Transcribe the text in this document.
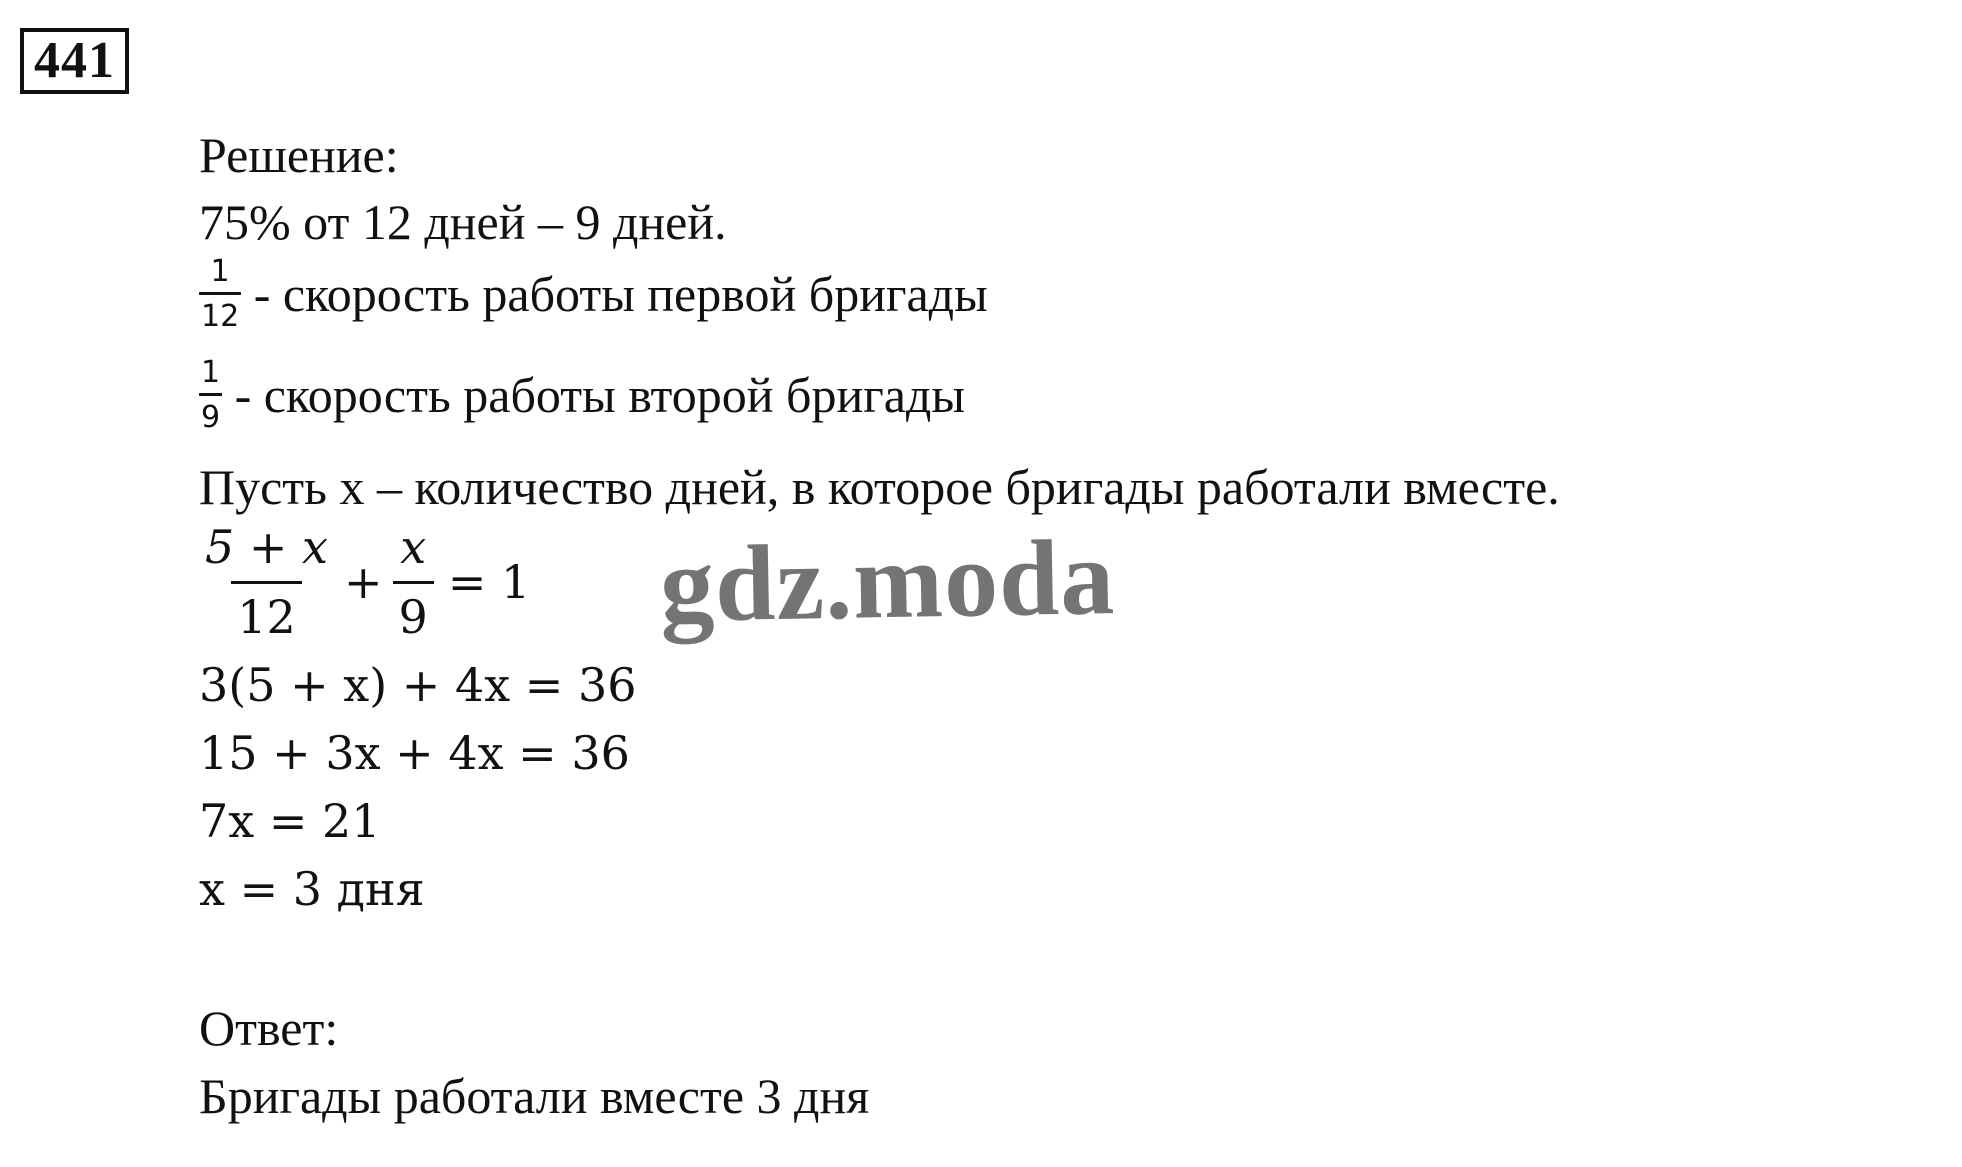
441
Решение:
75% от 12 дней – 9 дней.
$\frac{1}{12}$ - скорость работы первой бригады
$\frac{1}{9}$ - скорость работы второй бригады
Пусть x – количество дней, в которое бригады работали вместе.
$\frac{5 + x}{12} + \frac{x}{9} = 1$
3(5 + x) + 4x = 36
15 + 3x + 4x = 36
7x = 21
x = 3 дня
Ответ:
Бригады работали вместе 3 дня
gdz.moda
